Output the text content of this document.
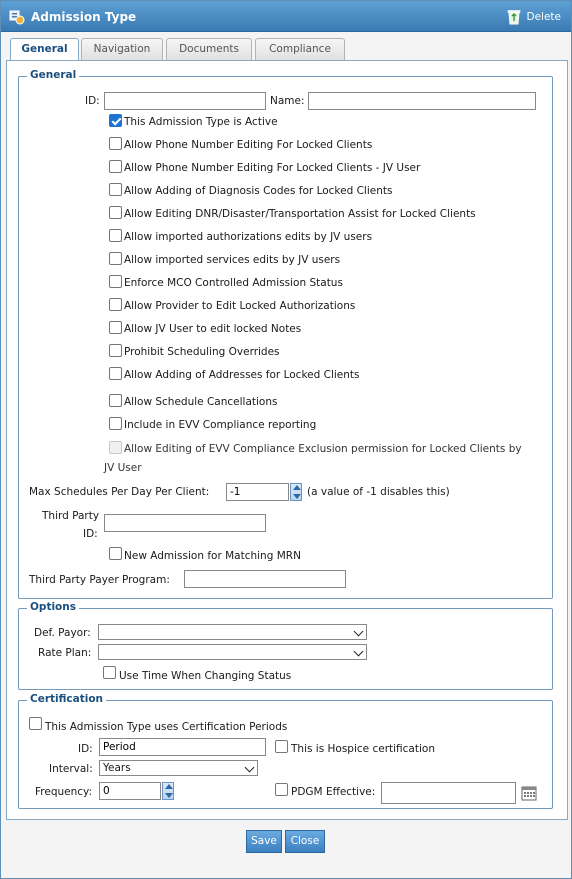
Admission Type	Delete
General	Navigation	Documents	Compliance
General
ID:	Name:
Max Schedules Per Day Per Client:
-1	(a value of -1 disables this)
Third Party
ID:
New Admission for Matching MRN
Third Party Payer Program:
Options
Def. Payor:
Rate Plan:
Use Time When Changing Status
Certification
This Admission Type uses Certification Periods
ID:
Period	This is Hospice certification
Interval: Years
Frequency:
0	PDGM Effective:
This Admission Type is Active
Allow Phone Number Editing For Locked Clients
Allow Phone Number Editing For Locked Clients - JV User
Allow Adding of Diagnosis Codes for Locked Clients
Allow Editing DNR/Disaster/Transportation Assist for Locked Clients
Allow imported authorizations edits by JV users
Allow imported services edits by JV users
Enforce MCO Controlled Admission Status
Allow Provider to Edit Locked Authorizations
Allow JV User to edit locked Notes
Prohibit Scheduling Overrides
Allow Adding of Addresses for Locked Clients
Allow Schedule Cancellations
Include in EVV Compliance reporting
Allow Editing of EVV Compliance Exclusion permission for Locked Clients by
JV User
Save	Close
